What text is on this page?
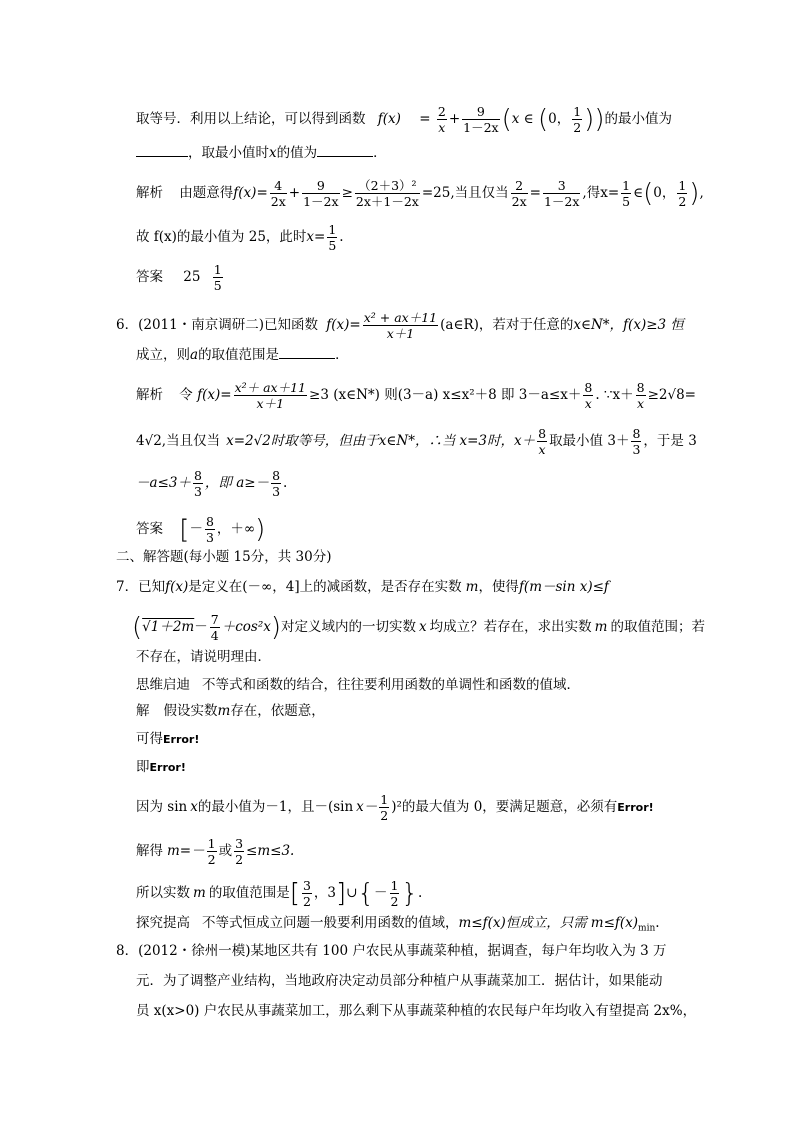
取等号．利用以上结论，可以得到函数 $f(x) = \frac{2}{x} + \frac{9}{1-2x} (x$ ∈ (0， $\frac{1}{2}$ ))的最小值为
，取最小值时x的值为	．
解析 由题意得$f(x)= \frac{4}{2x} + \frac{9}{1-2x} \ge \frac{\text{（2＋3）²}}{2x+1-2x} =25$,当且仅当 $\frac{2}{2x} = \frac{3}{1-2x}$ ,得$x= \frac{1}{5}$ ∈(0， $\frac{1}{2}$ ),
故 f(x)的最小值为 25，此时$x= \frac{1}{5}$ .
答案 $25 \frac{1}{5}$
6．(2011・南京调研二)已知函数 $f(x)= \frac{\text{x² + ax＋11}}{x+1}$ (a∈R)，若对于任意的x∈N*，f(x)≥3 恒
成立，则a的取值范围是	．
解析 令 $f(x)= \frac{\text{x²＋ ax＋11}}{x+1} \ge 3$ (x∈N*) 则(3－a) x≤x²＋8 即 $3-a\le x+ \frac{8}{x}$ . ∵x＋ $\frac{8}{x} \ge 2√8=$
4√2,当且仅当 x=2√2时取等号，但由于x∈N*，∴当 x=3时，$x+ \frac{8}{x}$ 取最小值 $3+ \frac{8}{3}$ ，于是 3
$-a\le 3+ \frac{8}{3}$ ，即 $a\ge- \frac{8}{3}$ .
答案 [－ $\frac{8}{3}$ ，＋∞)
二、解答题(每小题 15分，共 30分)
7．已知f(x)是定义在(－∞，4]上的减函数，是否存在实数 m，使得f(m－sin x)≤f
$(√1+2m- \frac{7}{4} +\cos^2x)$对定义域内的一切实数 x 均成立？若存在，求出实数 m 的取值范围；若
不存在，请说明理由．
思维启迪 不等式和函数的结合，往往要利用函数的单调性和函数的值域．
解 假设实数m存在，依题意，
可得Error!
即Error!
因为 sin x的最小值为－1，且－(sin $x- \frac{1}{2} )^2$的最大值为 0，要满足题意，必须有Error!
解得 $m=- \frac{1}{2}$ 或 $\frac{3}{2} \le m\le 3$.
所以实数 m 的取值范围是[ $\frac{3}{2}$ ，3]∪{－ $\frac{1}{2}$ }.
探究提高 不等式恒成立问题一般要利用函数的值域，m≤f(x)恒成立，只需 $m\le f(x)_{min}$.
8．(2012・徐州一模)某地区共有 100 户农民从事蔬菜种植，据调查，每户年均收入为 3 万
元．为了调整产业结构，当地政府决定动员部分种植户从事蔬菜加工．据估计，如果能动
员 x(x>0) 户农民从事蔬菜加工，那么剩下从事蔬菜种植的农民每户年均收入有望提高 2x%，
